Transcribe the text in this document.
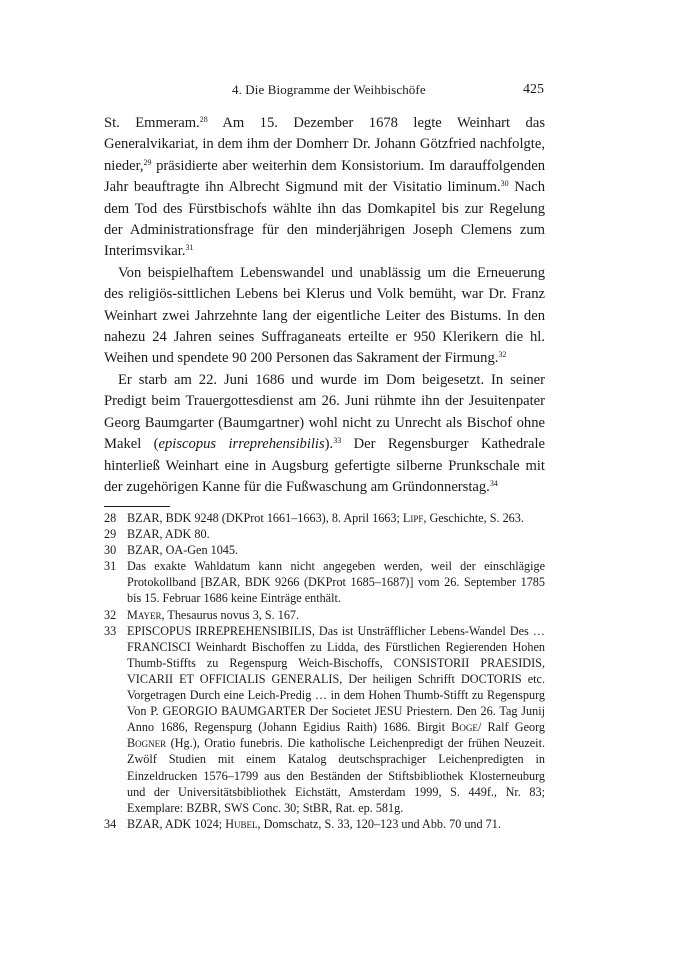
4. Die Biogramme der Weihbischöfe	425

St. Emmeram.$^{28}$ Am 15. Dezember 1678 legte Weinhart das Generalvikariat, in dem ihm der Domherr Dr. Johann Götzfried nachfolgte, nieder,$^{29}$ präsidierte aber weiterhin dem Konsistorium. Im darauffolgenden Jahr beauftragte ihn Albrecht Sigmund mit der Visitatio liminum.$^{30}$ Nach dem Tod des Fürstbischofs wählte ihn das Domkapitel bis zur Regelung der Administrationsfrage für den minderjährigen Joseph Clemens zum Interimsvikar.$^{31}$

Von beispielhaftem Lebenswandel und unablässig um die Erneuerung des religiös-sittlichen Lebens bei Klerus und Volk bemüht, war Dr. Franz Weinhart zwei Jahrzehnte lang der eigentliche Leiter des Bistums. In den nahezu 24 Jahren seines Suffraganeats erteilte er 950 Klerikern die hl. Weihen und spendete 90 200 Personen das Sakrament der Firmung.$^{32}$

Er starb am 22. Juni 1686 und wurde im Dom beigesetzt. In seiner Predigt beim Trauergottesdienst am 26. Juni rühmte ihn der Jesuitenpater Georg Baumgarter (Baumgartner) wohl nicht zu Unrecht als Bischof ohne Makel (episcopus irreprehensibilis).$^{33}$ Der Regensburger Kathedrale hinterließ Weinhart eine in Augsburg gefertigte silberne Prunkschale mit der zugehörigen Kanne für die Fußwaschung am Gründonnerstag.$^{34}$

28 BZAR, BDK 9248 (DKProt 1661–1663), 8. April 1663; Lipf, Geschichte, S. 263.
29 BZAR, ADK 80.
30 BZAR, OA-Gen 1045.
31 Das exakte Wahldatum kann nicht angegeben werden, weil der einschlägige Protokollband [BZAR, BDK 9266 (DKProt 1685–1687)] vom 26. September 1785 bis 15. Februar 1686 keine Einträge enthält.
32 Mayer, Thesaurus novus 3, S. 167.
33 EPISCOPUS IRREPREHENSIBILIS, Das ist Unsträfflicher Lebens-Wandel Des … FRANCISCI Weinhardt Bischoffen zu Lidda, des Fürstlichen Regierenden Hohen Thumb-Stiffts zu Regenspurg Weich-Bischoffs, CONSISTORII PRAESIDIS, VICARII ET OFFICIALIS GENERALIS, Der heiligen Schrifft DOCTORIS etc. Vorgetragen Durch eine Leich-Predig … in dem Hohen Thumb-Stifft zu Regenspurg Von P. GEORGIO BAUMGARTER Der Societet JESU Priestern. Den 26. Tag Junij Anno 1686, Regenspurg (Johann Egidius Raith) 1686. Birgit Boge/ Ralf Georg Bogner (Hg.), Oratio funebris. Die katholische Leichenpredigt der frühen Neuzeit. Zwölf Studien mit einem Katalog deutschsprachiger Leichenpredigten in Einzeldrucken 1576–1799 aus den Beständen der Stiftsbibliothek Klosterneuburg und der Universitätsbibliothek Eichstätt, Amsterdam 1999, S. 449f., Nr. 83; Exemplare: BZBR, SWS Conc. 30; StBR, Rat. ep. 581g.
34 BZAR, ADK 1024; Hubel, Domschatz, S. 33, 120–123 und Abb. 70 und 71.
